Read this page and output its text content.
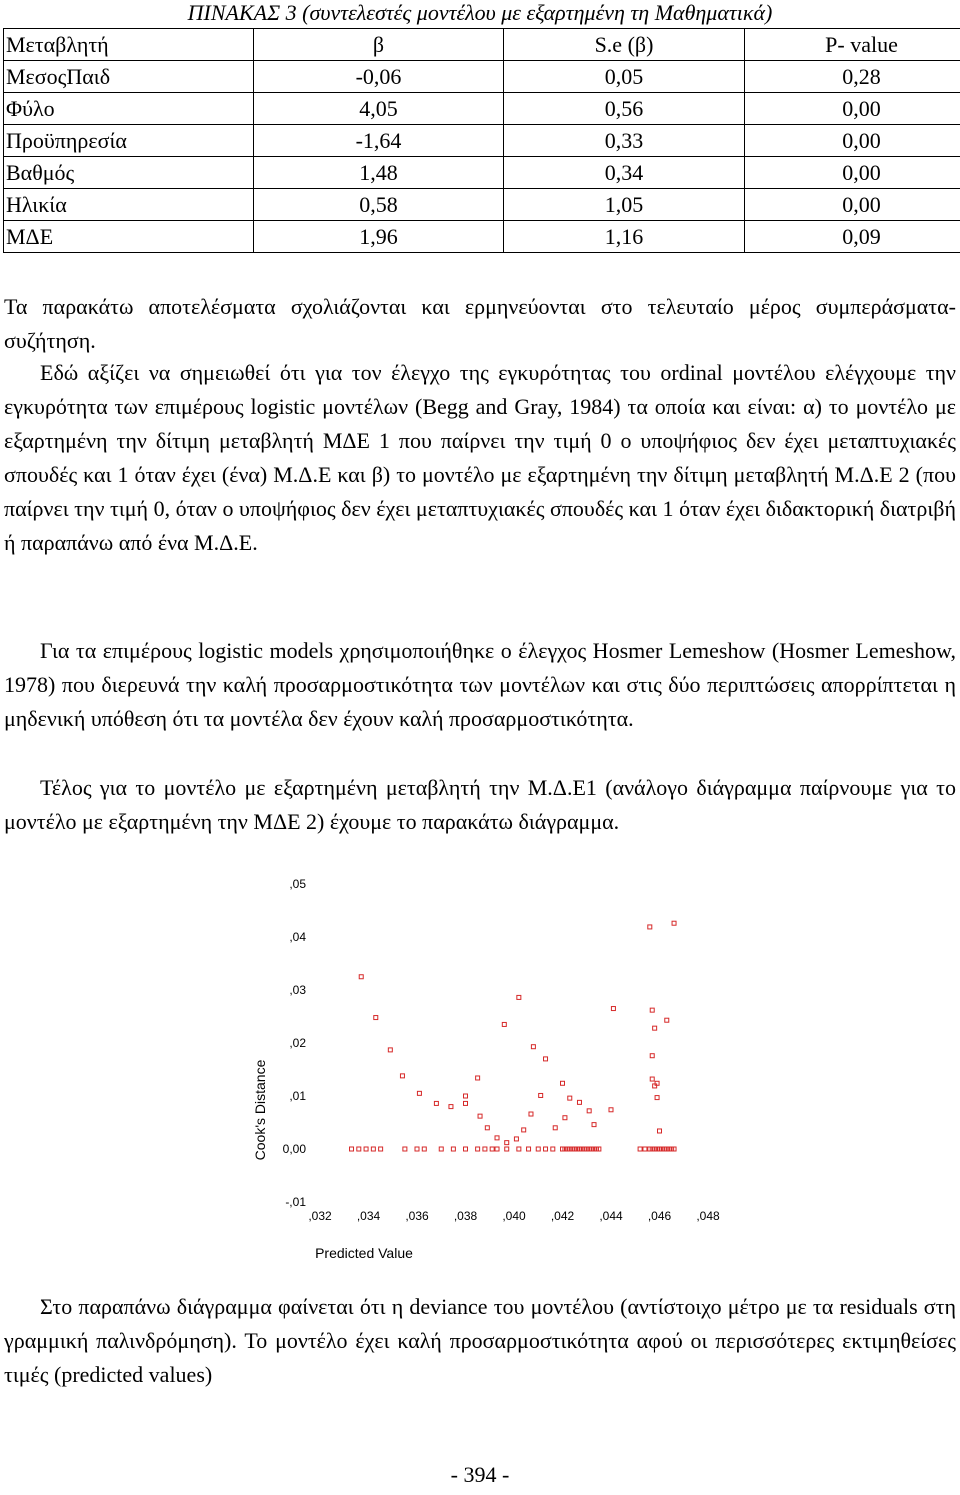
ΠΙΝΑΚΑΣ 3 (συντελεστές μοντέλου με εξαρτημένη τη Μαθηματικά)
Μεταβλητή	β	S.e (β)	P- value
ΜεσοςΠαιδ	-0,06	0,05	0,28
Φύλο	4,05	0,56	0,00
Προϋπηρεσία	-1,64	0,33	0,00
Βαθμός	1,48	0,34	0,00
Ηλικία	0,58	1,05	0,00
ΜΔΕ	1,96	1,16	0,09

Τα παρακάτω αποτελέσματα σχολιάζονται και ερμηνεύονται στο τελευταίο μέρος συμπεράσματα-συζήτηση.

Εδώ αξίζει να σημειωθεί ότι για τον έλεγχο της εγκυρότητας του ordinal μοντέλου ελέγχουμε την εγκυρότητα των επιμέρους logistic μοντέλων (Begg and Gray, 1984) τα οποία και είναι: α) το μοντέλο με εξαρτημένη την δίτιμη μεταβλητή ΜΔΕ 1 που παίρνει την τιμή 0 ο υποψήφιος δεν έχει μεταπτυχιακές σπουδές και 1 όταν έχει (ένα) Μ.Δ.Ε και β) το μοντέλο με εξαρτημένη την δίτιμη μεταβλητή Μ.Δ.Ε 2 (που παίρνει την τιμή 0, όταν ο υποψήφιος δεν έχει μεταπτυχιακές σπουδές και 1 όταν έχει διδακτορική διατριβή ή παραπάνω από ένα Μ.Δ.Ε.

Για τα επιμέρους logistic models χρησιμοποιήθηκε ο έλεγχος Hosmer Lemeshow (Hosmer Lemeshow, 1978) που διερευνά την καλή προσαρμοστικότητα των μοντέλων και στις δύο περιπτώσεις απορρίπτεται η μηδενική υπόθεση ότι τα μοντέλα δεν έχουν καλή προσαρμοστικότητα.

Τέλος για το μοντέλο με εξαρτημένη μεταβλητή την Μ.Δ.Ε1 (ανάλογο διάγραμμα παίρνουμε για το μοντέλο με εξαρτημένη την ΜΔΕ 2) έχουμε το παρακάτω διάγραμμα.

,05
,04
,03
,02
,01
0,00
-,01
,032 ,034 ,036 ,038 ,040 ,042 ,044 ,046 ,048
Cook's Distance
Predicted Value

Στο παραπάνω διάγραμμα φαίνεται ότι η deviance του μοντέλου (αντίστοιχο μέτρο με τα residuals στη γραμμική παλινδρόμηση). Το μοντέλο έχει καλή προσαρμοστικότητα αφού οι περισσότερες εκτιμηθείσες τιμές (predicted values)

- 394 -
